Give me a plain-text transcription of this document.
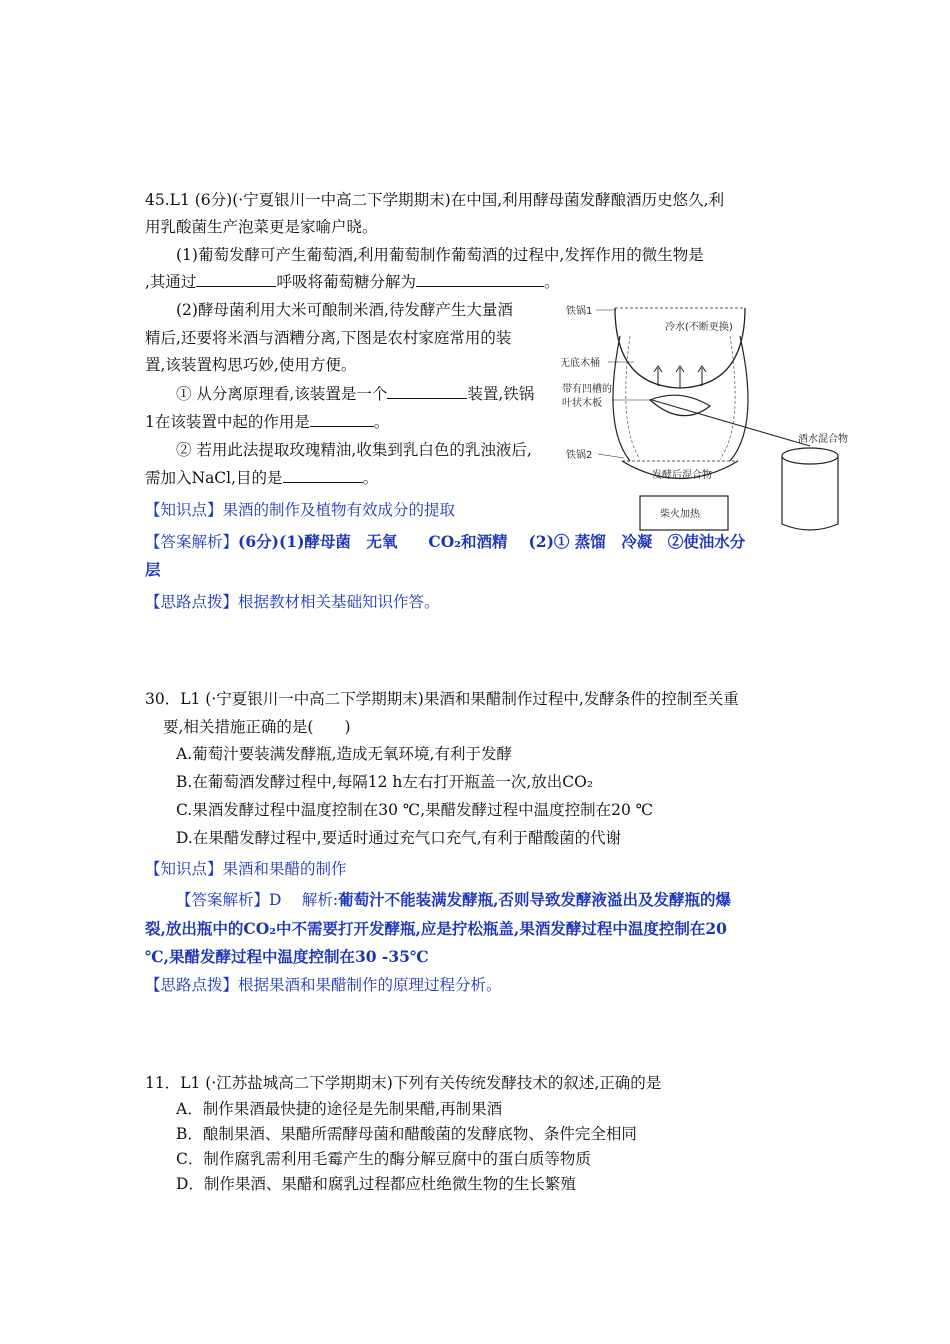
45.L1 (6分)(·宁夏银川一中高二下学期期末)在中国,利用酵母菌发酵酿酒历史悠久,利
用乳酸菌生产泡菜更是家喻户晓。
(1)葡萄发酵可产生葡萄酒,利用葡萄制作葡萄酒的过程中,发挥作用的微生物是
,其通过	呼吸将葡萄糖分解为	。
(2)酵母菌利用大米可酿制米酒,待发酵产生大量酒
精后,还要将米酒与酒糟分离,下图是农村家庭常用的装
置,该装置构思巧妙,使用方便。
① 从分离原理看,该装置是一个	装置,铁锅
1在该装置中起的作用是	。
② 若用此法提取玫瑰精油,收集到乳白色的乳浊液后,
需加入NaCl,目的是	。
【知识点】果酒的制作及植物有效成分的提取
【答案解析】(6分)(1)酵母菌　无氧　　CO₂和酒精　 (2)① 蒸馏　冷凝　②使油水分
层
【思路点拨】根据教材相关基础知识作答。
铁锅1
冷水(不断更换)
无底木桶
带有凹槽的
叶状木板
铁锅2
发酵后混合物
柴火加热
酒水混合物
30．L1 (·宁夏银川一中高二下学期期末)果酒和果醋制作过程中,发酵条件的控制至关重
要,相关措施正确的是(　　)
A.葡萄汁要装满发酵瓶,造成无氧环境,有利于发酵
B.在葡萄酒发酵过程中,每隔12 h左右打开瓶盖一次,放出CO₂
C.果酒发酵过程中温度控制在30 ℃,果醋发酵过程中温度控制在20 ℃
D.在果醋发酵过程中,要适时通过充气口充气,有利于醋酸菌的代谢
【知识点】果酒和果醋的制作
【答案解析】D　 解析:葡萄汁不能装满发酵瓶,否则导致发酵液溢出及发酵瓶的爆
裂,放出瓶中的CO₂中不需要打开发酵瓶,应是拧松瓶盖,果酒发酵过程中温度控制在20
℃,果醋发酵过程中温度控制在30 -35℃
【思路点拨】根据果酒和果醋制作的原理过程分析。
11．L1 (·江苏盐城高二下学期期末)下列有关传统发酵技术的叙述,正确的是
A．制作果酒最快捷的途径是先制果醋,再制果酒
B．酿制果酒、果醋所需酵母菌和醋酸菌的发酵底物、条件完全相同
C．制作腐乳需利用毛霉产生的酶分解豆腐中的蛋白质等物质
D．制作果酒、果醋和腐乳过程都应杜绝微生物的生长繁殖
